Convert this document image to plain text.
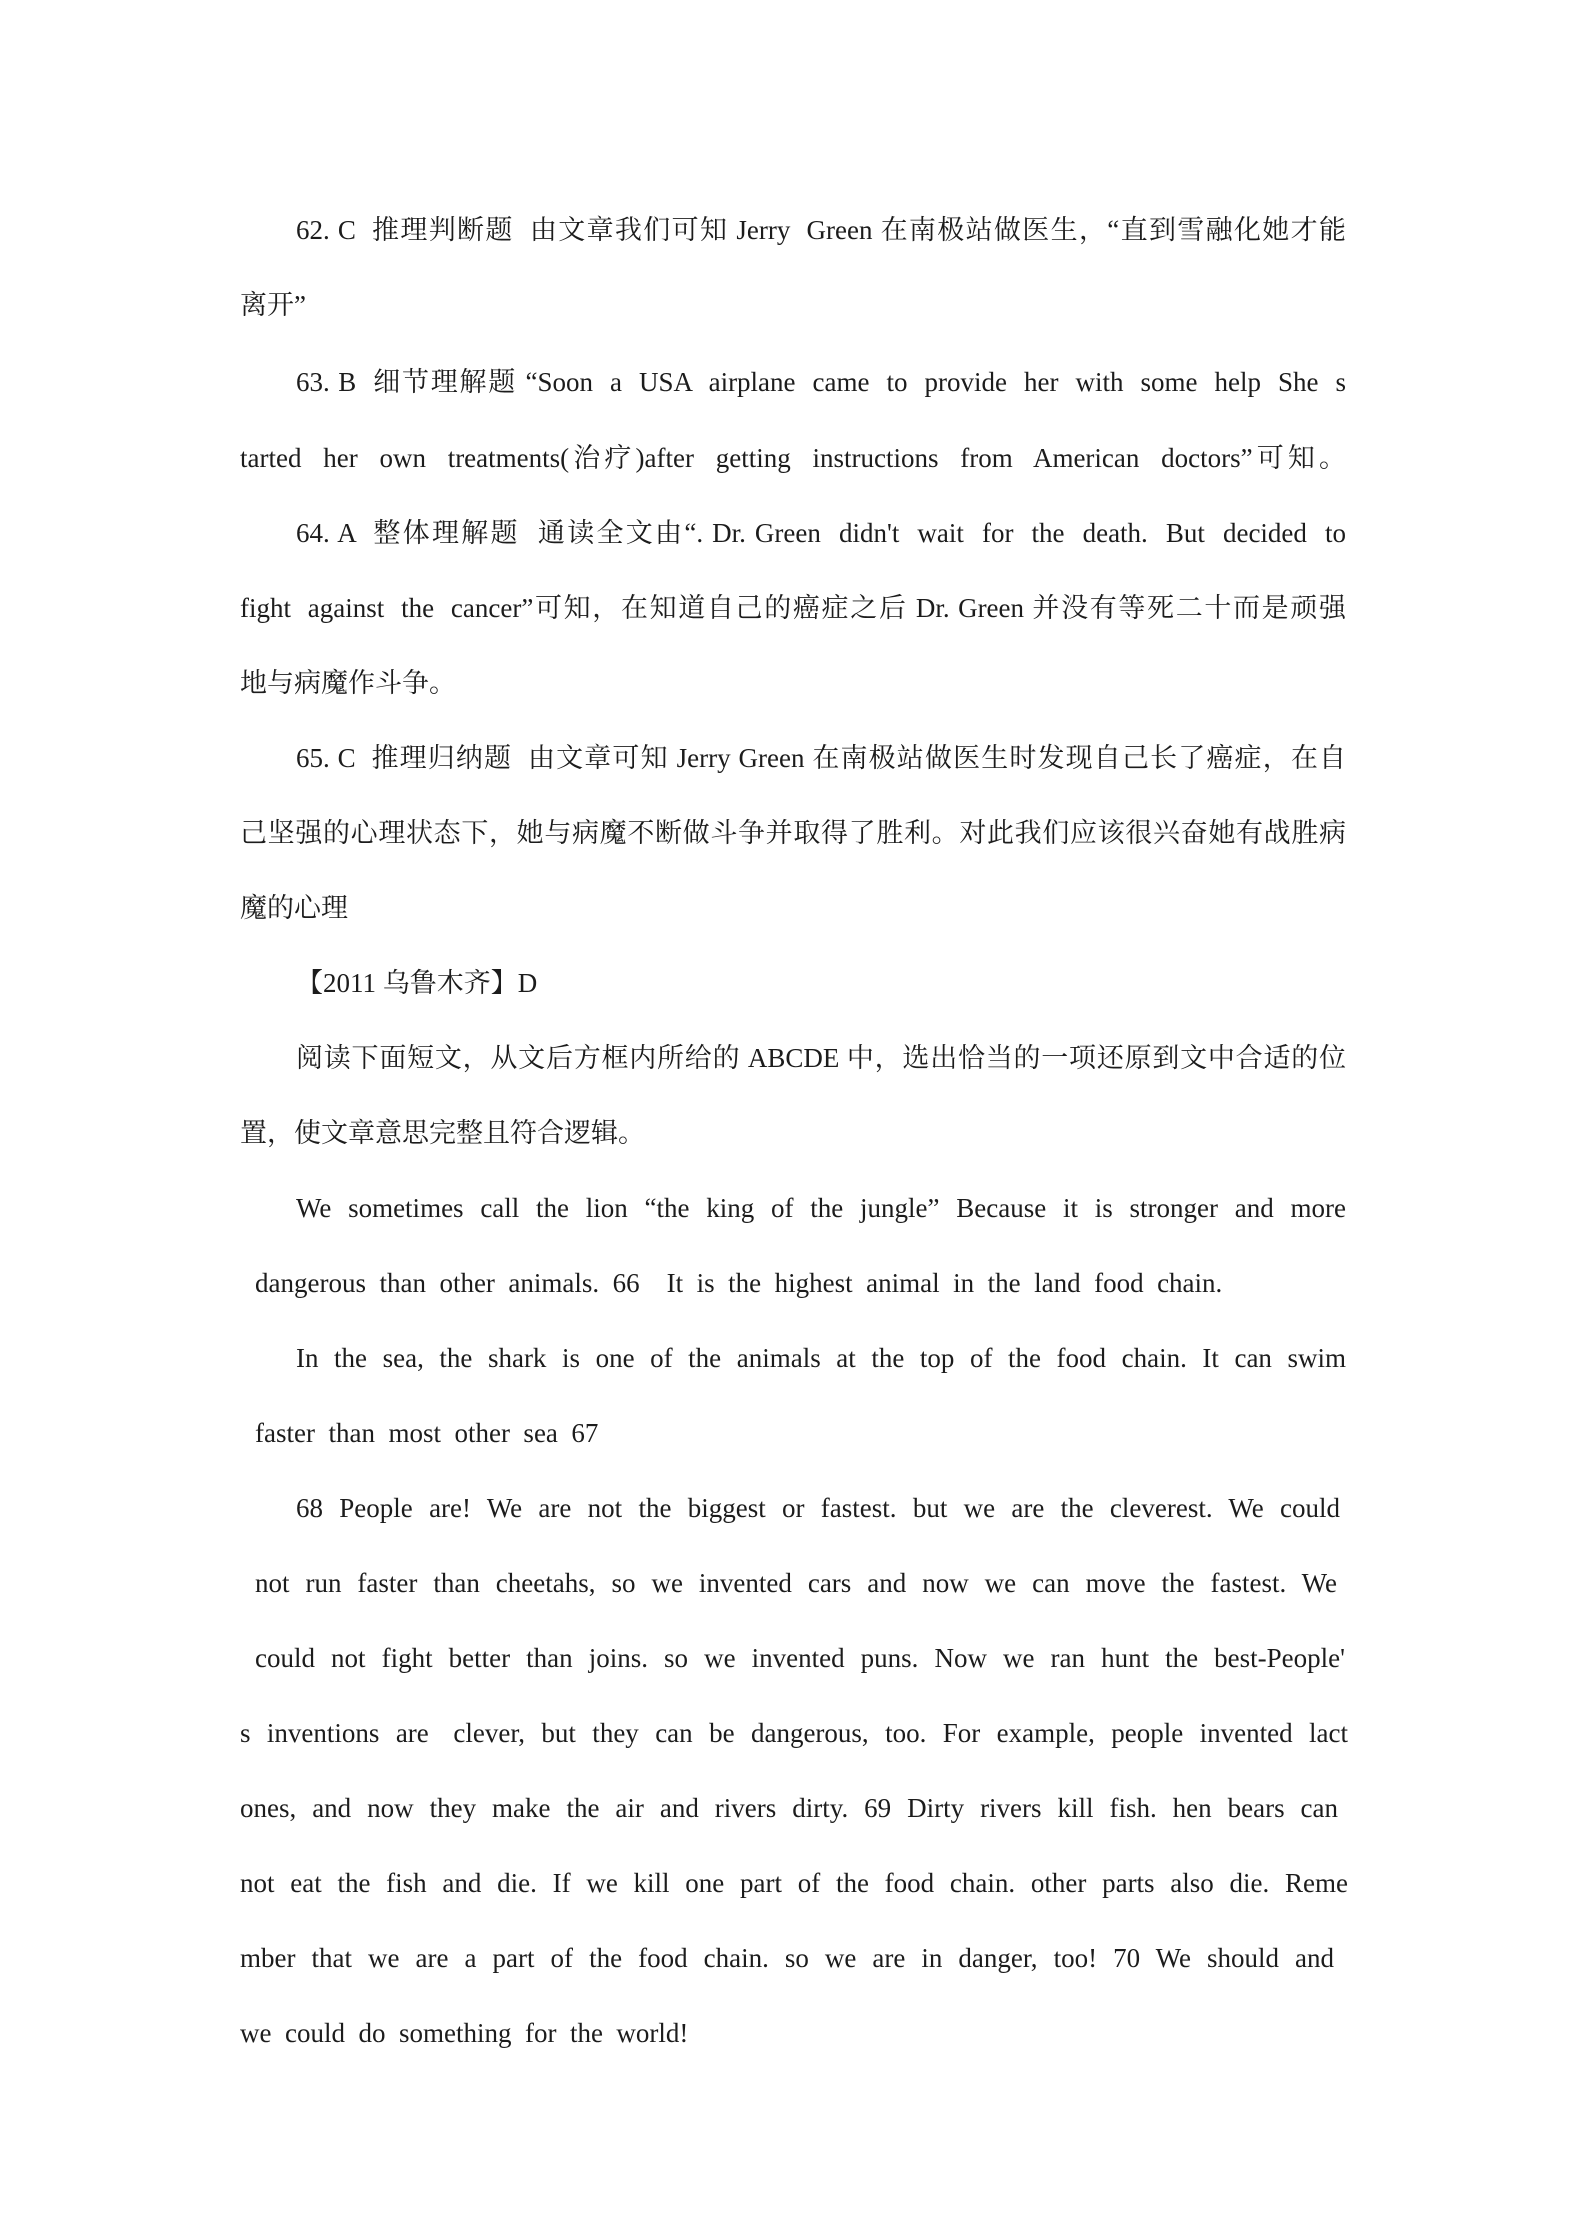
62. C  推理判断题  由文章我们可知 Jerry  Green 在南极站做医生，“直到雪融化她才能
离开”
63. B  细节理解题 “Soon  a  USA  airplane  came  to  provide  her  with  some  help  She  s
tarted  her  own  treatments(治疗)after  getting  instructions  from  American  doctors”可知。
64. A  整体理解题  通读全文由“. Dr. Green  didn't  wait  for  the  death.  But  decided  to
fight  against  the  cancer”可知，在知道自己的癌症之后 Dr. Green 并没有等死二十而是顽强
地与病魔作斗争。
65. C  推理归纳题  由文章可知 Jerry Green 在南极站做医生时发现自己长了癌症，在自
己坚强的心理状态下，她与病魔不断做斗争并取得了胜利。对此我们应该很兴奋她有战胜病
魔的心理
【2011 乌鲁木齐】D
阅读下面短文，从文后方框内所给的 ABCDE 中，选出恰当的一项还原到文中合适的位
置，使文章意思完整且符合逻辑。
We  sometimes  call  the  lion  “the  king  of  the  jungle”  Because  it  is  stronger  and  more
dangerous  than  other  animals.  66    It  is  the  highest  animal  in  the  land  food  chain.
In  the  sea,  the  shark  is  one  of  the  animals  at  the  top  of  the  food  chain.  It  can  swim
faster  than  most  other  sea  67
68  People  are!  We  are  not  the  biggest  or  fastest.  but  we  are  the  cleverest.  We  could
not  run  faster  than  cheetahs,  so  we  invented  cars  and  now  we  can  move  the  fastest.  We
could  not  fight  better  than  joins.  so  we  invented  puns.  Now  we  ran  hunt  the  best-People'
s  inventions  are   clever,  but  they  can  be  dangerous,  too.  For  example,  people  invented  lact
ones,  and  now  they  make  the  air  and  rivers  dirty.  69  Dirty  rivers  kill  fish.  hen  bears  can
not  eat  the  fish  and  die.  If  we  kill  one  part  of  the  food  chain.  other  parts  also  die.  Reme
mber  that  we  are  a  part  of  the  food  chain.  so  we  are  in  danger,  too!  70  We  should  and
we  could  do  something  for  the  world!
